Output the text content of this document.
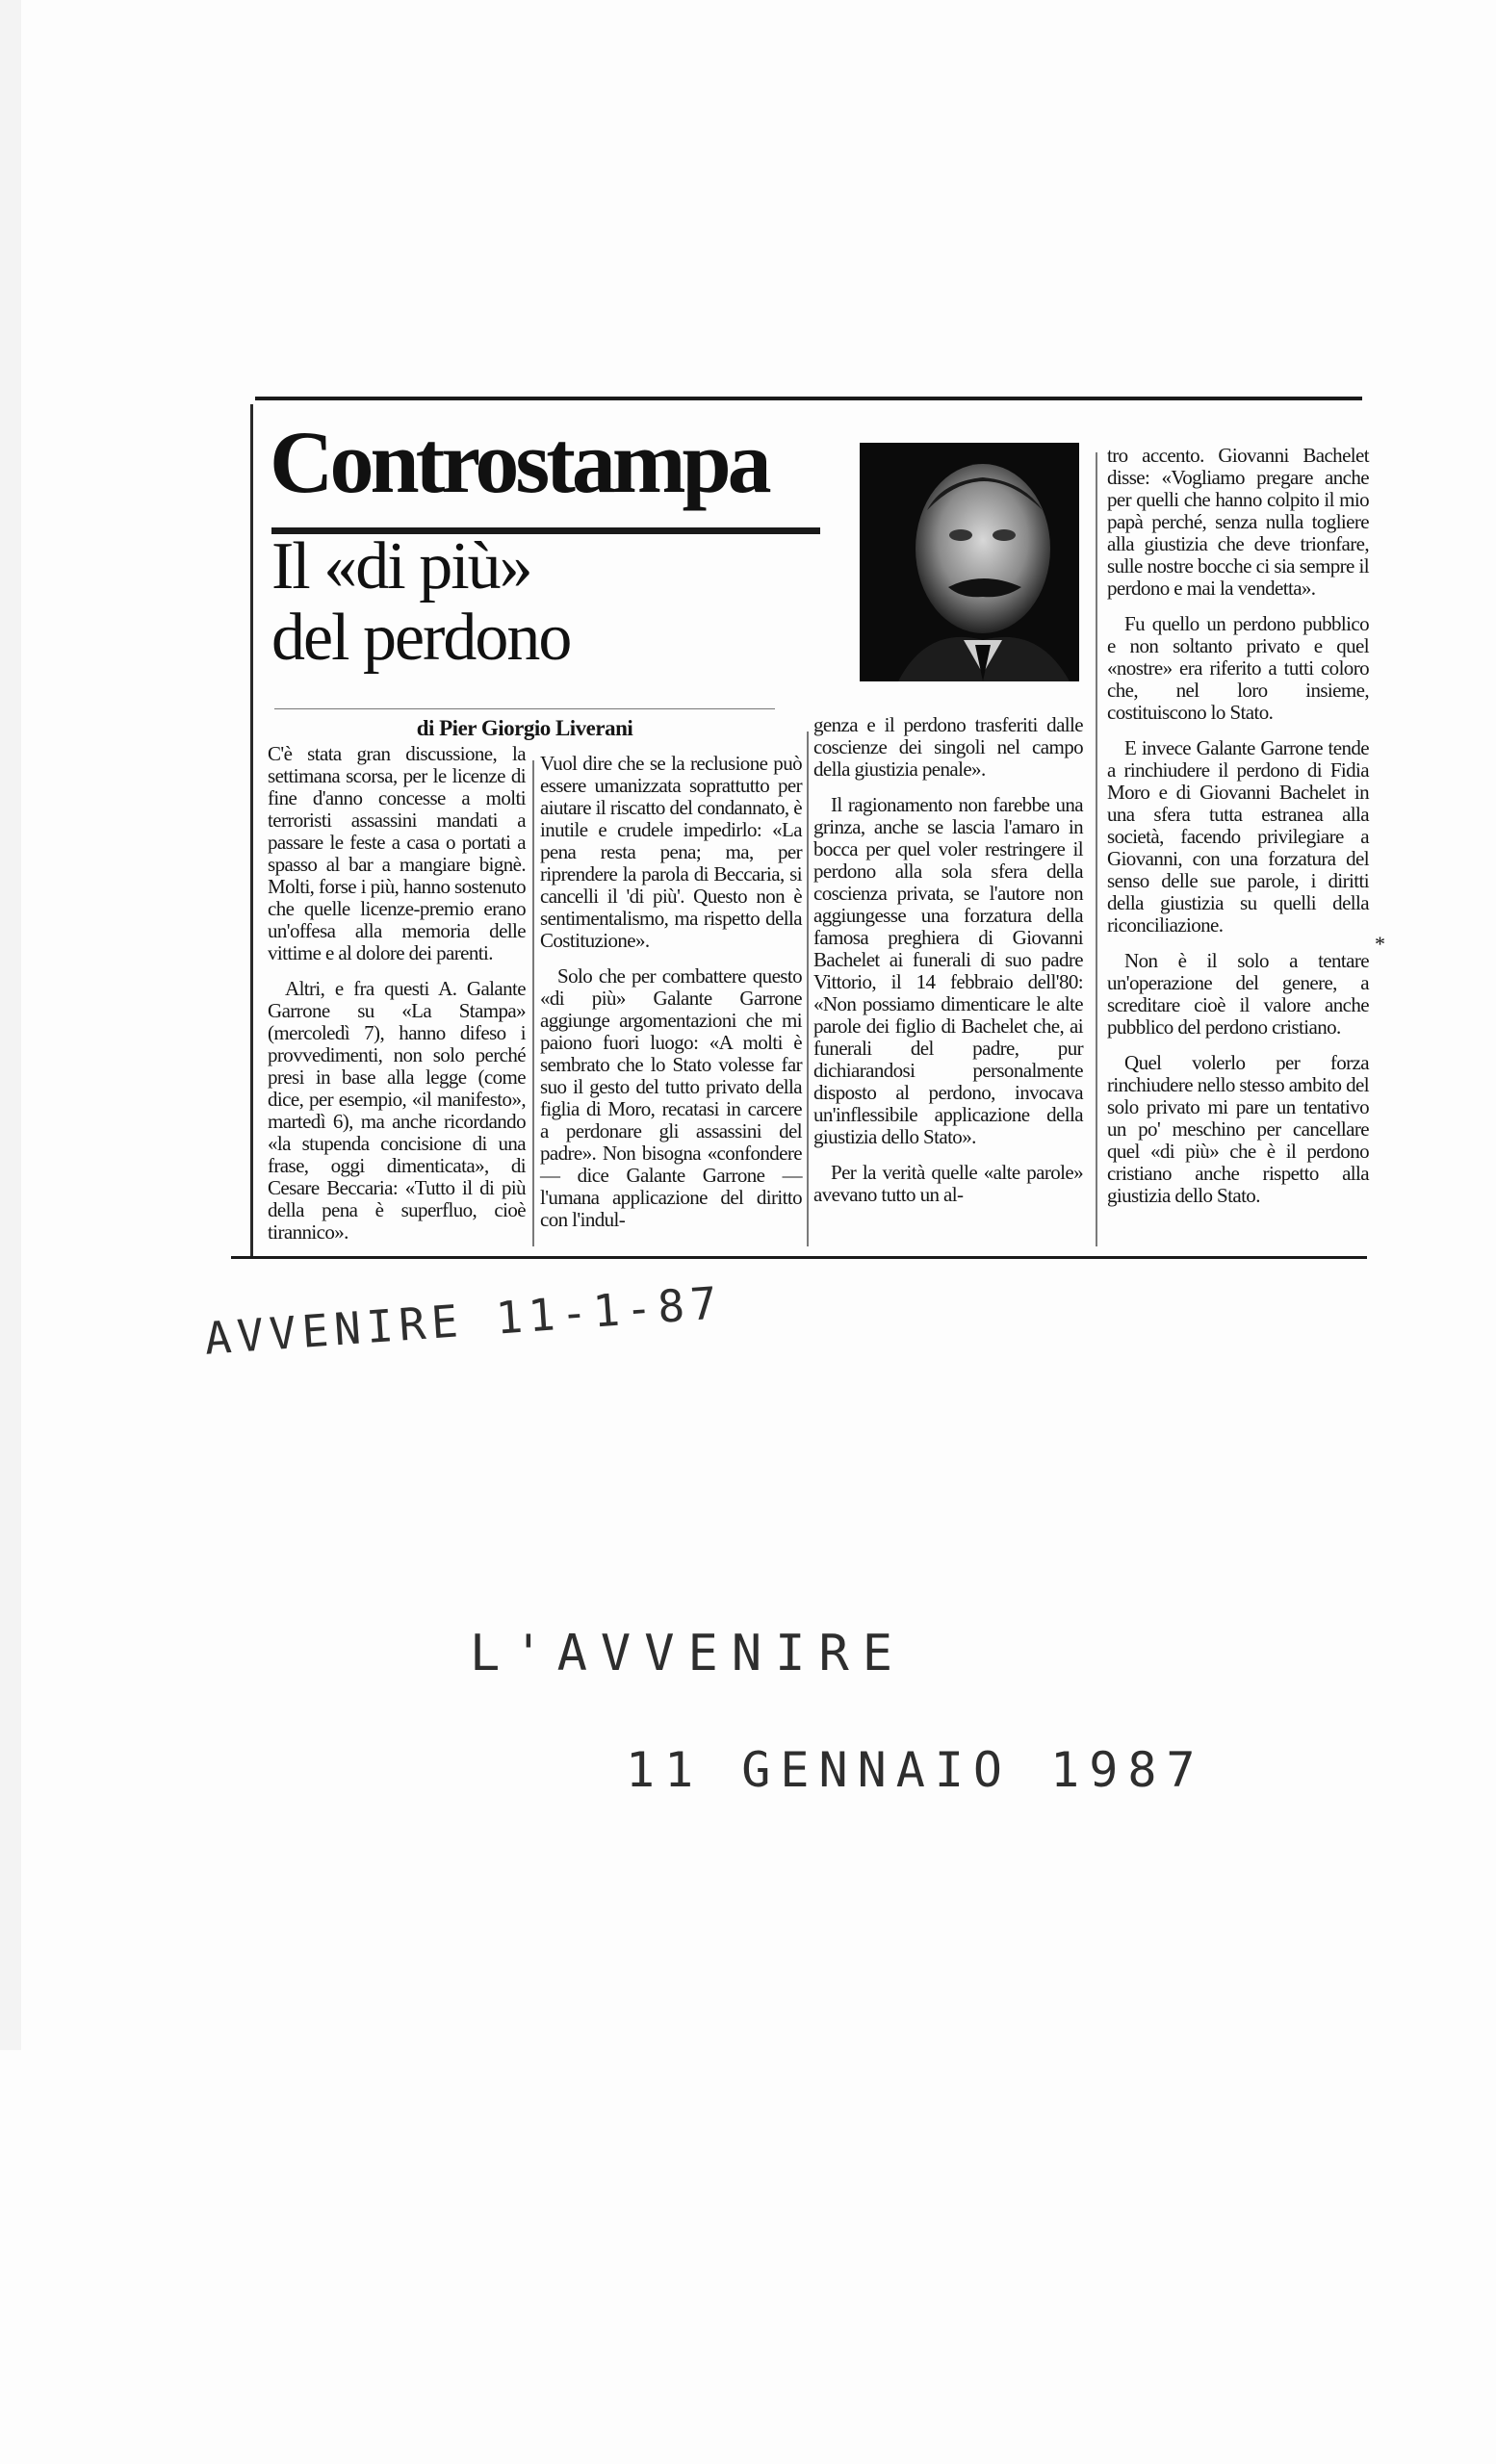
Controstampa
Il «di più»
del perdono
di Pier Giorgio Liverani

C'è stata gran discussione, la settimana scorsa, per le licenze di fine d'anno concesse a molti terroristi assassini mandati a passare le feste a casa o portati a spasso al bar a mangiare bignè. Molti, forse i più, hanno sostenuto che quelle licenze-premio erano un'offesa alla memoria delle vittime e al dolore dei parenti.

Altri, e fra questi A. Galante Garrone su «La Stampa» (mercoledì 7), hanno difeso i provvedimenti, non solo perché presi in base alla legge (come dice, per esempio, «il manifesto», martedì 6), ma anche ricordando «la stupenda concisione di una frase, oggi dimenticata», di Cesare Beccaria: «Tutto il di più della pena è superfluo, cioè tirannico».

Vuol dire che se la reclusione può essere umanizzata soprattutto per aiutare il riscatto del condannato, è inutile e crudele impedirlo: «La pena resta pena; ma, per riprendere la parola di Beccaria, si cancelli il 'di più'. Questo non è sentimentalismo, ma rispetto della Costituzione».

Solo che per combattere questo «di più» Galante Garrone aggiunge argomentazioni che mi paiono fuori luogo: «A molti è sembrato che lo Stato volesse far suo il gesto del tutto privato della figlia di Moro, recatasi in carcere a perdonare gli assassini del padre». Non bisogna «confondere — dice Galante Garrone — l'umana applicazione del diritto con l'indul-

genza e il perdono trasferiti dalle coscienze dei singoli nel campo della giustizia penale».

Il ragionamento non farebbe una grinza, anche se lascia l'amaro in bocca per quel voler restringere il perdono alla sola sfera della coscienza privata, se l'autore non aggiungesse una forzatura della famosa preghiera di Giovanni Bachelet ai funerali di suo padre Vittorio, il 14 febbraio dell'80: «Non possiamo dimenticare le alte parole dei figlio di Bachelet che, ai funerali del padre, pur dichiarandosi personalmente disposto al perdono, invocava un'inflessibile applicazione della giustizia dello Stato».

Per la verità quelle «alte parole» avevano tutto un al-

tro accento. Giovanni Bachelet disse: «Vogliamo pregare anche per quelli che hanno colpito il mio papà perché, senza nulla togliere alla giustizia che deve trionfare, sulle nostre bocche ci sia sempre il perdono e mai la vendetta».

Fu quello un perdono pubblico e non soltanto privato e quel «nostre» era riferito a tutti coloro che, nel loro insieme, costituiscono lo Stato.

E invece Galante Garrone tende a rinchiudere il perdono di Fidia Moro e di Giovanni Bachelet in una sfera tutta estranea alla società, facendo privilegiare a Giovanni, con una forzatura del senso delle sue parole, i diritti della giustizia su quelli della riconciliazione.

Non è il solo a tentare un'operazione del genere, a screditare cioè il valore anche pubblico del perdono cristiano.

Quel volerlo per forza rinchiudere nello stesso ambito del solo privato mi pare un tentativo un po' meschino per cancellare quel «di più» che è il perdono cristiano anche rispetto alla giustizia dello Stato.

*
AVVENIRE 11-1-87
L'AVVENIRE
11 GENNAIO 1987
